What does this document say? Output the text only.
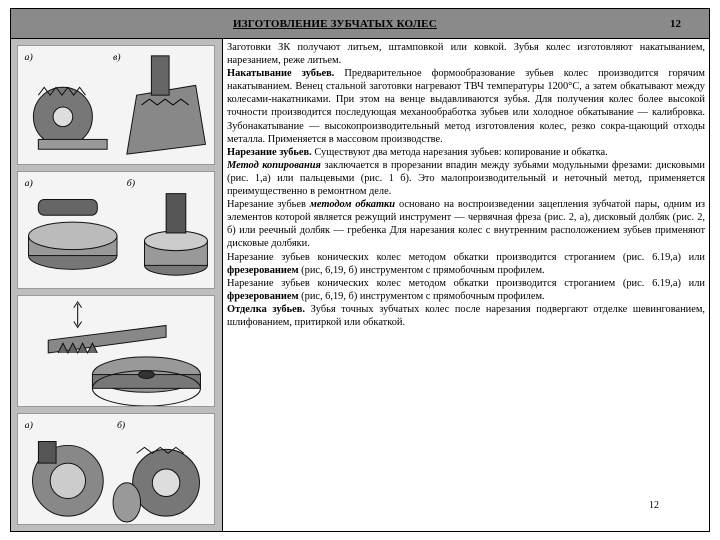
ИЗГОТОВЛЕНИЕ ЗУБЧАТЫХ КОЛЕС	12
а)	в)
а)	б)
а)	б)

Заготовки ЗК получают литьем, штамповкой или ковкой. Зубья колес изготовляют накатыванием, нарезанием, реже литьем.

Накатывание зубьев. Предварительное формообразование зубьев колес производится горячим накатыванием. Венец стальной заготовки нагревают ТВЧ температуры 1200°С, а затем обкатывают между колесами-накатниками. При этом на венце выдавливаются зубья. Для получения колес более высокой точности производится последующая механообработка зубьев или холодное обкатывание — калибровка. Зубонакатывание — высокопроизводительный метод изготовления колес, резко сокра-щающий отходы металла. Применяется в массовом производстве.

Нарезание зубьев. Существуют два метода нарезания зубьев: копирование и обкатка.

Метод копирования заключается в прорезании впадин между зубьями модульными фрезами: дисковыми (рис. 1,а) или пальцевыми (рис. 1 б). Это малопроизводительный и неточный метод, применяется преимущественно в ремонтном деле.

Нарезание зубьев методом обкатки основано на воспроизведении зацепления зубчатой пары, одним из элементов которой является режущий инструмент — червячная фреза (рис. 2, а), дисковый долбяк (рис. 2, б) или реечный долбяк — гребенка Для нарезания колес с внутренним расположением зубьев применяют дисковые долбяки.

Нарезание зубьев конических колес методом обкатки производится строганием (рис. 6.19,а) или фрезерованием (рис, 6,19, б) инструментом с прямобочным профилем.

Нарезание зубьев конических колес методом обкатки производится строганием (рис. 6.19,а) или фрезерованием (рис, 6,19, б) инструментом с прямобочным профилем.

Отделка зубьев. Зубья точных зубчатых колес после нарезания подвергают отделке шевингованием, шлифованием, притиркой или обкаткой.

12
